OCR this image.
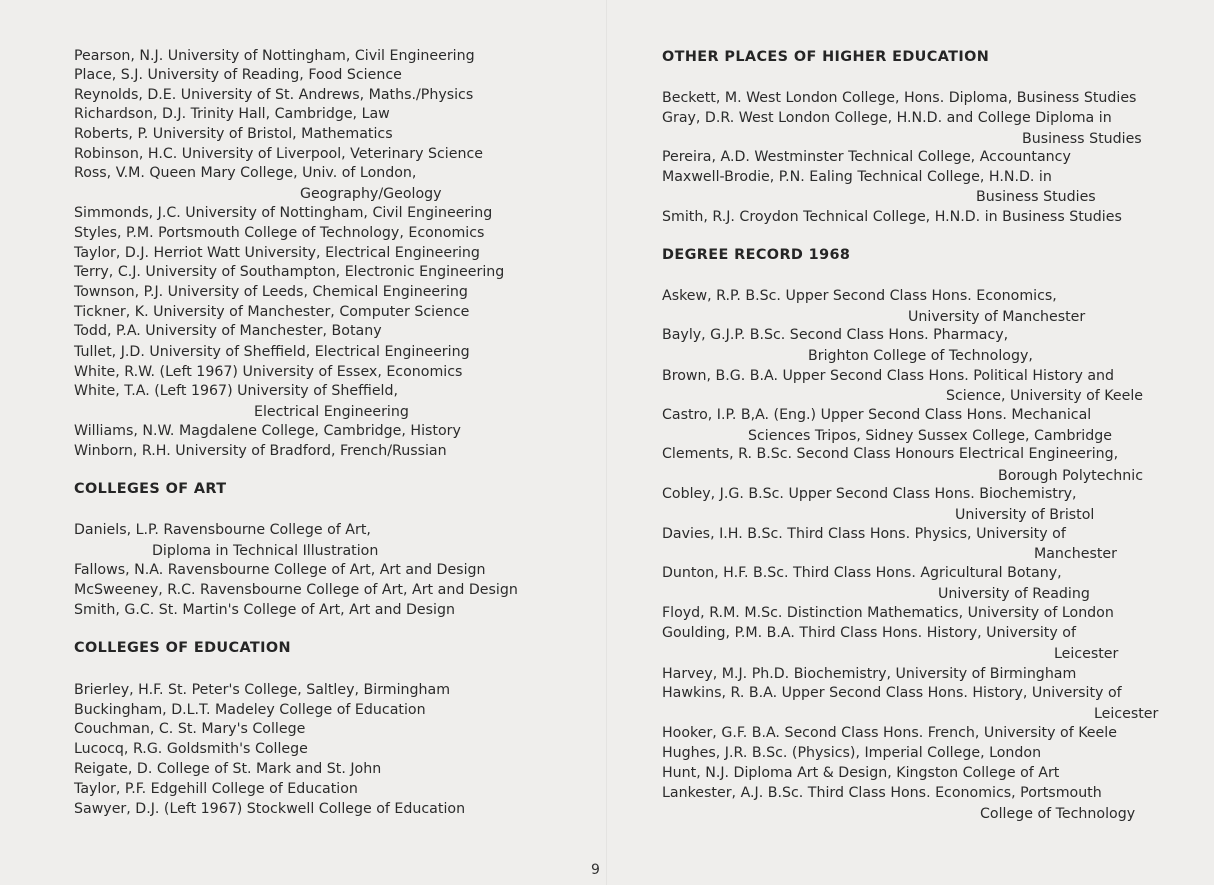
Pearson, N.J. University of Nottingham, Civil Engineering
Place, S.J. University of Reading, Food Science
Reynolds, D.E. University of St. Andrews, Maths./Physics
Richardson, D.J. Trinity Hall, Cambridge, Law
Roberts, P. University of Bristol, Mathematics
Robinson, H.C. University of Liverpool, Veterinary Science
Ross, V.M. Queen Mary College, Univ. of London,
Geography/Geology
Simmonds, J.C. University of Nottingham, Civil Engineering
Styles, P.M. Portsmouth College of Technology, Economics
Taylor, D.J. Herriot Watt University, Electrical Engineering
Terry, C.J. University of Southampton, Electronic Engineering
Townson, P.J. University of Leeds, Chemical Engineering
Tickner, K. University of Manchester, Computer Science
Todd, P.A. University of Manchester, Botany
Tullet, J.D. University of Sheffield, Electrical Engineering
White, R.W. (Left 1967) University of Essex, Economics
White, T.A. (Left 1967) University of Sheffield,
Electrical Engineering
Williams, N.W. Magdalene College, Cambridge, History
Winborn, R.H. University of Bradford, French/Russian
COLLEGES OF ART
Daniels, L.P. Ravensbourne College of Art,
Diploma in Technical Illustration
Fallows, N.A. Ravensbourne College of Art, Art and Design
McSweeney, R.C. Ravensbourne College of Art, Art and Design
Smith, G.C. St. Martin's College of Art, Art and Design
COLLEGES OF EDUCATION
Brierley, H.F. St. Peter's College, Saltley, Birmingham
Buckingham, D.L.T. Madeley College of Education
Couchman, C. St. Mary's College
Lucocq, R.G. Goldsmith's College
Reigate, D. College of St. Mark and St. John
Taylor, P.F. Edgehill College of Education
Sawyer, D.J. (Left 1967) Stockwell College of Education
OTHER PLACES OF HIGHER EDUCATION
Beckett, M. West London College, Hons. Diploma, Business Studies
Gray, D.R. West London College, H.N.D. and College Diploma in
Business Studies
Pereira, A.D. Westminster Technical College, Accountancy
Maxwell-Brodie, P.N. Ealing Technical College, H.N.D. in
Business Studies
Smith, R.J. Croydon Technical College, H.N.D. in Business Studies
DEGREE RECORD 1968
Askew, R.P. B.Sc. Upper Second Class Hons. Economics,
University of Manchester
Bayly, G.J.P. B.Sc. Second Class Hons. Pharmacy,
Brighton College of Technology,
Brown, B.G. B.A. Upper Second Class Hons. Political History and
Science, University of Keele
Castro, I.P. B,A. (Eng.) Upper Second Class Hons. Mechanical
Sciences Tripos, Sidney Sussex College, Cambridge
Clements, R. B.Sc. Second Class Honours Electrical Engineering,
Borough Polytechnic
Cobley, J.G. B.Sc. Upper Second Class Hons. Biochemistry,
University of Bristol
Davies, I.H. B.Sc. Third Class Hons. Physics, University of
Manchester
Dunton, H.F. B.Sc. Third Class Hons. Agricultural Botany,
University of Reading
Floyd, R.M. M.Sc. Distinction Mathematics, University of London
Goulding, P.M. B.A. Third Class Hons. History, University of
Leicester
Harvey, M.J. Ph.D. Biochemistry, University of Birmingham
Hawkins, R. B.A. Upper Second Class Hons. History, University of
Leicester
Hooker, G.F. B.A. Second Class Hons. French, University of Keele
Hughes, J.R. B.Sc. (Physics), Imperial College, London
Hunt, N.J. Diploma Art & Design, Kingston College of Art
Lankester, A.J. B.Sc. Third Class Hons. Economics, Portsmouth
College of Technology
9
